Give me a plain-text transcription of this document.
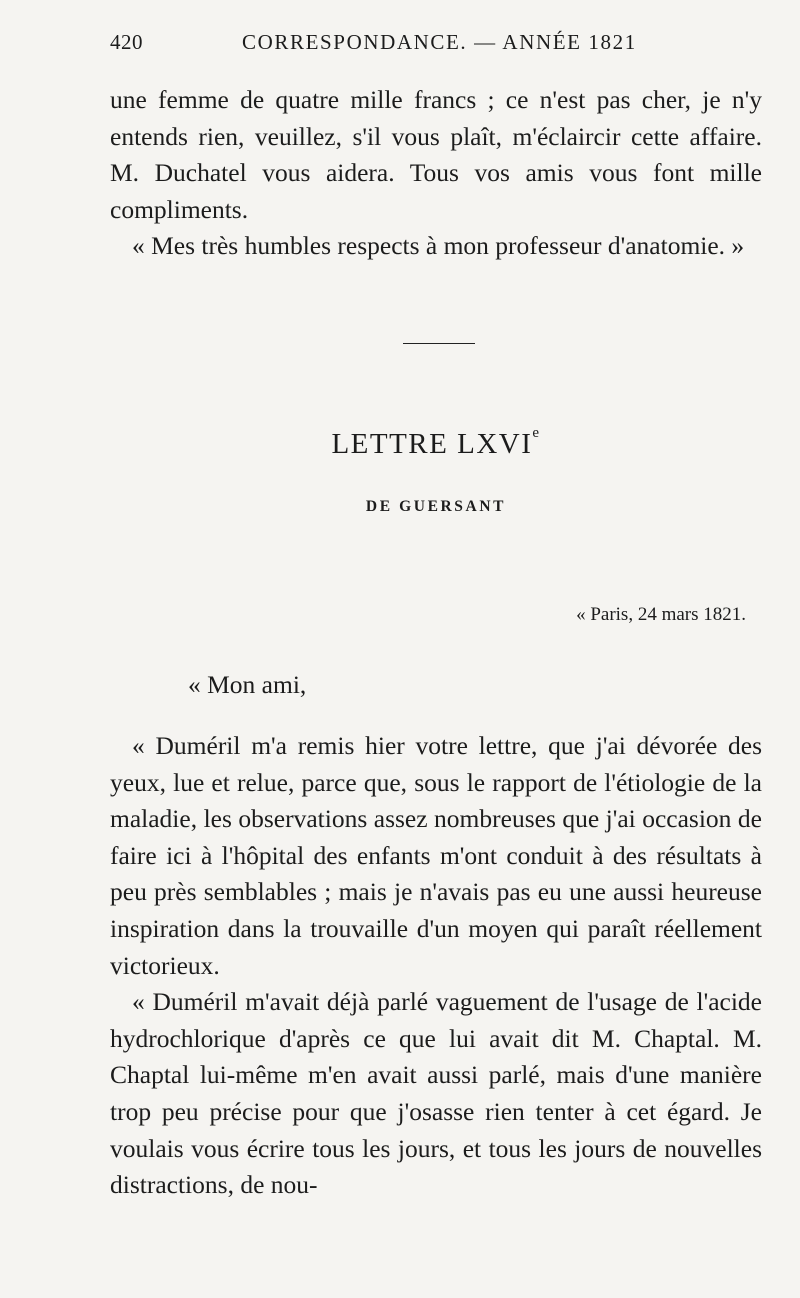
420	CORRESPONDANCE. — ANNÉE 1821

une femme de quatre mille francs ; ce n'est pas cher, je n'y entends rien, veuillez, s'il vous plaît, m'éclaircir cette affaire. M. Duchatel vous aidera. Tous vos amis vous font mille compliments.

« Mes très humbles respects à mon professeur d'anatomie. »

LETTRE LXVIe
DE GUERSANT
« Paris, 24 mars 1821.
« Mon ami,

« Duméril m'a remis hier votre lettre, que j'ai dévorée des yeux, lue et relue, parce que, sous le rapport de l'étiologie de la maladie, les observations assez nombreuses que j'ai occasion de faire ici à l'hôpital des enfants m'ont conduit à des résultats à peu près semblables ; mais je n'avais pas eu une aussi heureuse inspiration dans la trouvaille d'un moyen qui paraît réellement victorieux.

« Duméril m'avait déjà parlé vaguement de l'usage de l'acide hydrochlorique d'après ce que lui avait dit M. Chaptal. M. Chaptal lui-même m'en avait aussi parlé, mais d'une manière trop peu précise pour que j'osasse rien tenter à cet égard. Je voulais vous écrire tous les jours, et tous les jours de nouvelles distractions, de nou-
